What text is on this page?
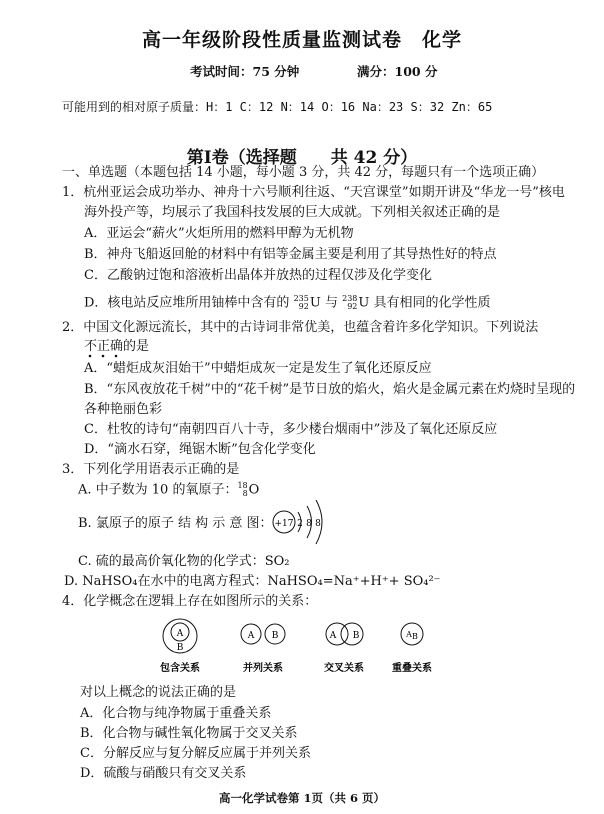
高一年级阶段性质量监测试卷　化学
考试时间：75 分钟	满分：100 分
可能用到的相对原子质量：H：1 C：12 N：14 O：16 Na：23 S：32 Zn：65
第Ⅰ卷（选择题　　共 42 分）
一、单选题（本题包括 14 小题，每小题 3 分，共 42 分，每题只有一个选项正确）
1．杭州亚运会成功举办、神舟十六号顺利往返、“天宫课堂”如期开讲及“华龙一号”核电
海外投产等，均展示了我国科技发展的巨大成就。下列相关叙述正确的是
A．亚运会“薪火”火炬所用的燃料甲醇为无机物
B．神舟飞船返回舱的材料中有铝等金属主要是利用了其导热性好的特点
C．乙酸钠过饱和溶液析出晶体并放热的过程仅涉及化学变化
D．核电站反应堆所用铀棒中含有的 235
92U 与 238
92U 具有相同的化学性质
2．中国文化源远流长，其中的古诗词非常优美，也蕴含着许多化学知识。下列说法
不正确的是
A．“蜡炬成灰泪始干”中蜡炬成灰一定是发生了氧化还原反应
B．“东风夜放花千树”中的“花千树”是节日放的焰火，焰火是金属元素在灼烧时呈现的
各种艳丽色彩
C．杜牧的诗句“南朝四百八十寺，多少楼台烟雨中”涉及了氧化还原反应
D．“滴水石穿，绳锯木断”包含化学变化
3．下列化学用语表示正确的是
A. 中子数为 10 的氧原子：18
8O
B. 氯原子的原子 结 构 示 意 图： +17 2 8 8
C. 硫的最高价氧化物的化学式：SO₂
D. NaHSO₄在水中的电离方程式：NaHSO₄=Na⁺+H⁺+ SO₄²⁻
4．化学概念在逻辑上存在如图所示的关系：
A
B
A B	A B	A B
包含关系	并列关系	交叉关系	重叠关系
对以上概念的说法正确的是
A．化合物与纯净物属于重叠关系
B．化合物与碱性氧化物属于交叉关系
C．分解反应与复分解反应属于并列关系
D．硫酸与硝酸只有交叉关系
高一化学试卷第 1页（共 6 页）
